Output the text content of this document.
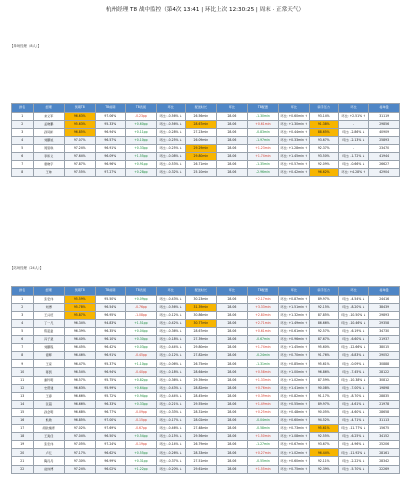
杭州经理 T8 战中监控（第4次 13:41 | 环比上次 12:30:25 | 周末 · 正常天气）
【单场经理（8人）】
排名	经理	预期T8	T8前期	T8表现	环比	配送时长	环比	T8配置	环比	骑手压力	环比	接单量
1	来义军	96.63%	97.06%	-0.23pp	环比: -0.56% ↓	26.56min	28.06	-1.30min	环比: +0.60min ↑	93.14%	环比: +2.51% ↑	31119
2	孟晓鹏	95.63%	95.33%	+0.60pp	环比: -0.56% ↓	28.67min	28.06	+0.61min	环比: +1.30min ↑	91.38%	-	29856
3	孙凤彬	96.85%	96.94%	+0.11pp	环比: -0.28% ↓	27.23min	28.06	-0.83min	环比: +0.44min ↑	88.65%	环比: -2.86% ↓	40909
4	刘鹏旭	97.07%	96.57%	+0.10pp	环比: -0.25% ↓	26.09min	28.06	-1.97min	环比: +0.33min ↑	93.67%	环比: -2.13% ↓	25893
5	周思琪	97.24%	96.91%	+0.33pp	环比: -0.25% ↓	29.29min	28.06	+1.23min	环比: +1.28min ↑	92.37%	-	23470
6	李和义	97.64%	96.09%	+1.55pp	环比: -0.08% ↓	29.80min	28.06	+1.74min	环比: +1.45min ↑	93.50%	环比: -1.72% ↓	41944
7	唐晓宇	97.87%	96.96%	+0.91pp	环比: -0.53% ↓	26.71min	28.06	-1.35min	环比: +0.57min ↑	92.09%	环比: -0.66% ↓	26627
8	王帅	97.55%	97.27%	+0.28pp	环比: -0.32% ↓	25.10min	28.06	-2.96min	环比: +0.42min ↑	96.62%	环比: +4.28% ↑	42904
【站场经理（24人）】
排名	经理	预期T8	T8前期	T8表现	环比	配送时长	环比	T8配置	环比	骑手压力	环比	接单量
1	张宏伟	95.59%	95.50%	+0.09pp	环比: -0.43% ↓	30.23min	28.06	+2.17min	环比: +0.87min ↑	89.97%	环比: -4.54% ↓	24416
2	刘博	95.78%	96.54%	-0.76pp	环比: -0.56% ↓	31.39min	28.06	+3.33min	环比: +1.51min ↑	92.15%	环比: -8.20% ↓	38439
3	王兴旺	95.87%	96.95%	-1.08pp	环比: -0.12% ↓	30.86min	28.06	+2.80min	环比: +1.32min ↑	87.85%	环比: -10.50% ↓	29893
4	丁一凡	96.34%	94.83%	+1.51pp	环比: -0.42% ↓	30.77min	28.06	+2.71min	环比: +1.49min ↑	86.66%	环比: -10.46% ↓	29358
5	陈起童	96.39%	96.35%	+0.04pp	环比: -0.36% ↓	28.67min	28.06	+0.61min	环比: +0.61min ↑	92.57%	环比: -6.19% ↓	34730
6	冯子楚	96.40%	96.10%	+0.30pp	环比: -0.18% ↓	27.39min	28.06	-0.67min	环比: +0.96min ↑	87.67%	环比: -6.60% ↓	21937
7	刘鹏程	96.45%	96.42%	+0.03pp	环比: -0.44% ↓	29.80min	28.06	+1.74min	环比: +1.45min ↑	95.60%	环比: -12.66% ↓	38015
8	谭辉	96.46%	96.91%	-0.45pp	环比: -0.12% ↓	27.82min	28.06	-0.24min	环比: +0.70min ↑	91.76%	环比: -6.83% ↓	29052
9	王家	96.47%	95.37%	+1.10pp	环比: -0.06% ↓	26.75min	28.06	-1.31min	环比: +0.85min ↑	95.61%	环比: -0.09% ↓	30888
10	蒋凯	96.54%	96.94%	-0.40pp	环比: -0.18% ↓	28.64min	28.06	+0.58min	环比: +1.00min ↑	96.86%	环比: -7.45% ↓	28122
11	谢科明	96.57%	95.75%	+0.82pp	环比: -0.36% ↓	29.39min	28.06	+1.33min	环比: +1.02min ↑	87.59%	环比: -10.38% ↓	30812
12	史帮建	96.63%	95.99%	+0.64pp	环比: -0.43% ↓	28.82min	28.06	+0.76min	环比: +1.41min ↑	90.08%	环比: -7.00% ↓	19898
13	王春	96.66%	95.72%	+0.94pp	环比: -0.44% ↓	28.45min	28.06	+0.39min	环比: +0.82min ↑	91.17%	环比: -8.70% ↓	28835
14	张超	96.66%	96.33%	+0.33pp	环比: -0.21% ↓	29.55min	28.06	+1.49min	环比: +0.55min ↑	89.97%	环比: -4.61% ↓	21978
15	孙会明	96.68%	96.77%	-0.09pp	环比: -0.33% ↓	28.31min	28.06	+0.25min	环比: +0.48min ↑	90.05%	环比: -4.60% ↓	28658
16	熊勋	96.85%	97.00%	-0.15pp	环比: -0.17% ↓	28.02min	28.06	-0.04min	环比: +0.60min ↑	94.52%	环比: -4.71% ↓	31113
17	胡欧楠青	97.02%	97.69%	-0.67pp	环比: -0.46% ↓	27.48min	28.06	-0.58min	环比: +0.73min ↑	95.61%	环比: -11.77% ↓	15675
18	王爽佳	97.04%	96.50%	+0.54pp	环比: -0.15% ↓	29.56min	28.06	+1.50min	环比: +1.08min ↑	92.55%	环比: -6.25% ↓	34152
19	张忠伟	97.05%	97.24%	-0.19pp	环比: -0.14% ↓	26.79min	28.06	-1.27min	环比: +0.67min ↑	93.67%	环比: -4.96% ↓	25206
20	卢亿	97.17%	96.62%	+0.55pp	环比: -0.26% ↓	28.33min	28.06	+0.27min	环比: +1.02min ↑	96.44%	环比: -11.92% ↓	28161
21	陶丹丹	97.30%	96.99%	+0.31pp	环比: -0.37% ↓	27.51min	28.06	-0.55min	环比: +0.60min ↑	92.11%	环比: -2.22% ↓	28342
22	赵伟博	97.24%	96.02%	+1.22pp	环比: -0.20% ↓	29.61min	28.06	+1.55min	环比: +0.75min ↑	92.39%	环比: -5.70% ↓	22269
